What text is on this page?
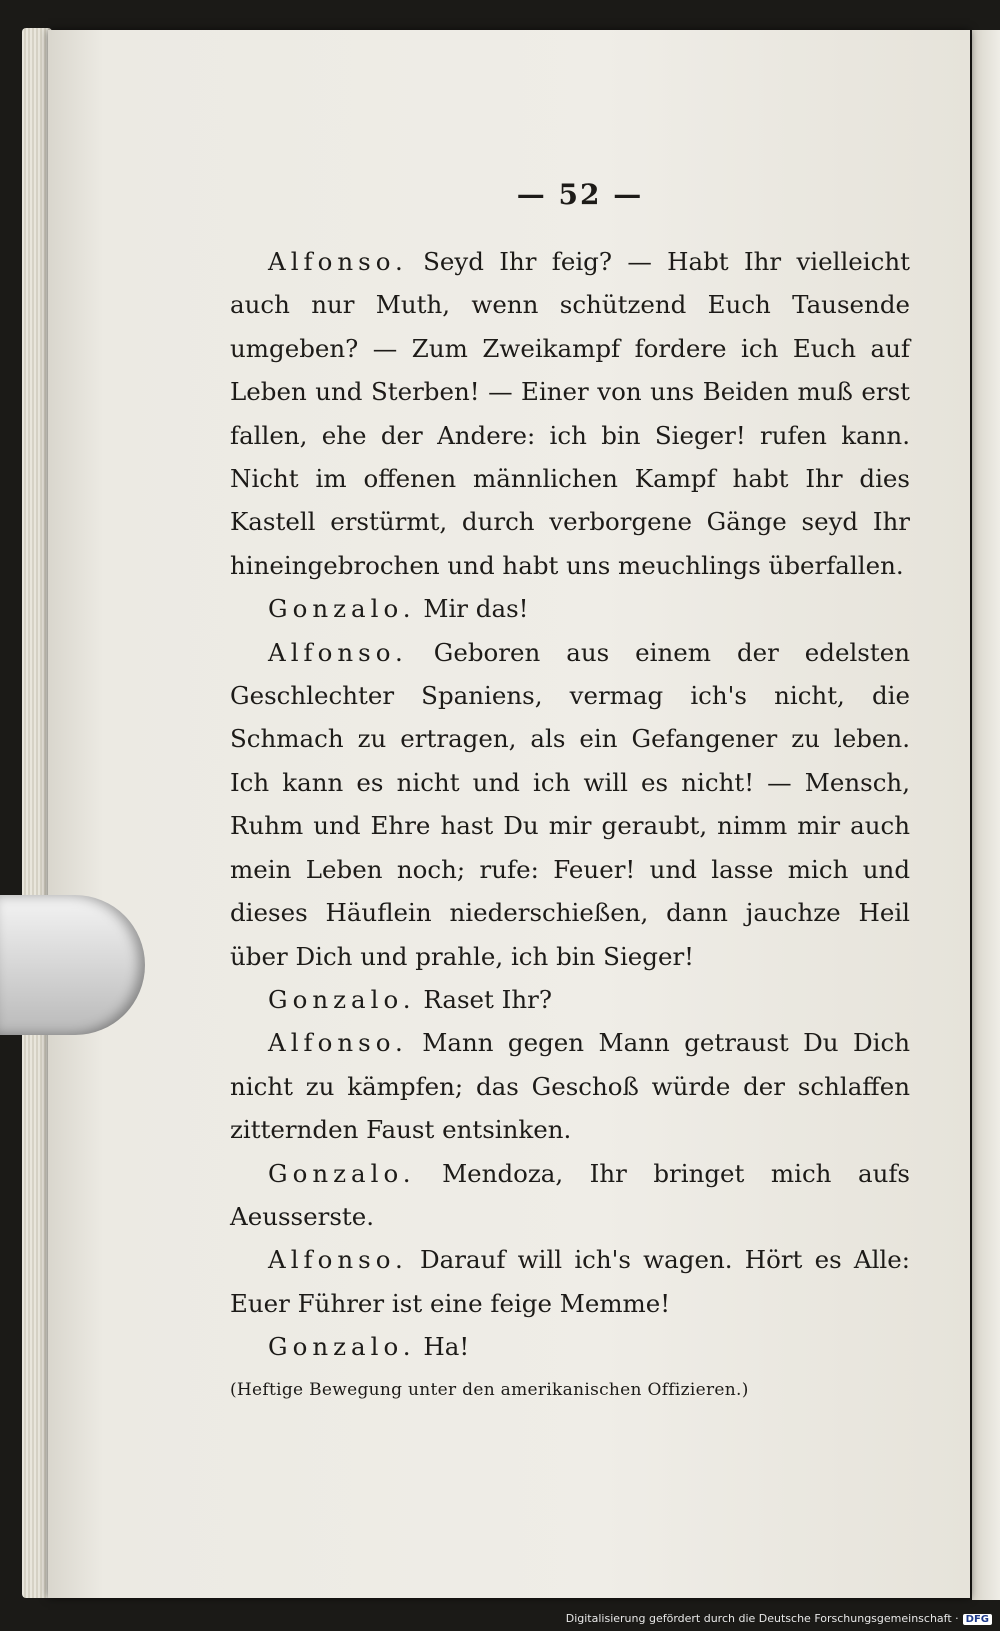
— 52 —

Alfonso. Seyd Ihr feig? — Habt Ihr vielleicht auch nur Muth, wenn schützend Euch Tausende umgeben? — Zum Zweikampf fordere ich Euch auf Leben und Sterben! — Einer von uns Beiden muß erst fallen, ehe der Andere: ich bin Sieger! rufen kann. Nicht im offenen männlichen Kampf habt Ihr dies Kastell erstürmt, durch verborgene Gänge seyd Ihr hineingebrochen und habt uns meuchlings überfallen.

Gonzalo. Mir das!

Alfonso. Geboren aus einem der edelsten Geschlechter Spaniens, vermag ich's nicht, die Schmach zu ertragen, als ein Gefangener zu leben. Ich kann es nicht und ich will es nicht! — Mensch, Ruhm und Ehre hast Du mir geraubt, nimm mir auch mein Leben noch; rufe: Feuer! und lasse mich und dieses Häuflein niederschießen, dann jauchze Heil über Dich und prahle, ich bin Sieger!

Gonzalo. Raset Ihr?

Alfonso. Mann gegen Mann getraust Du Dich nicht zu kämpfen; das Geschoß würde der schlaffen zitternden Faust entsinken.

Gonzalo. Mendoza, Ihr bringet mich aufs Aeusserste.

Alfonso. Darauf will ich's wagen. Hört es Alle: Euer Führer ist eine feige Memme!

Gonzalo. Ha!

(Heftige Bewegung unter den amerikanischen Offizieren.)

Digitalisierung gefördert durch die Deutsche Forschungsgemeinschaft · DFG
